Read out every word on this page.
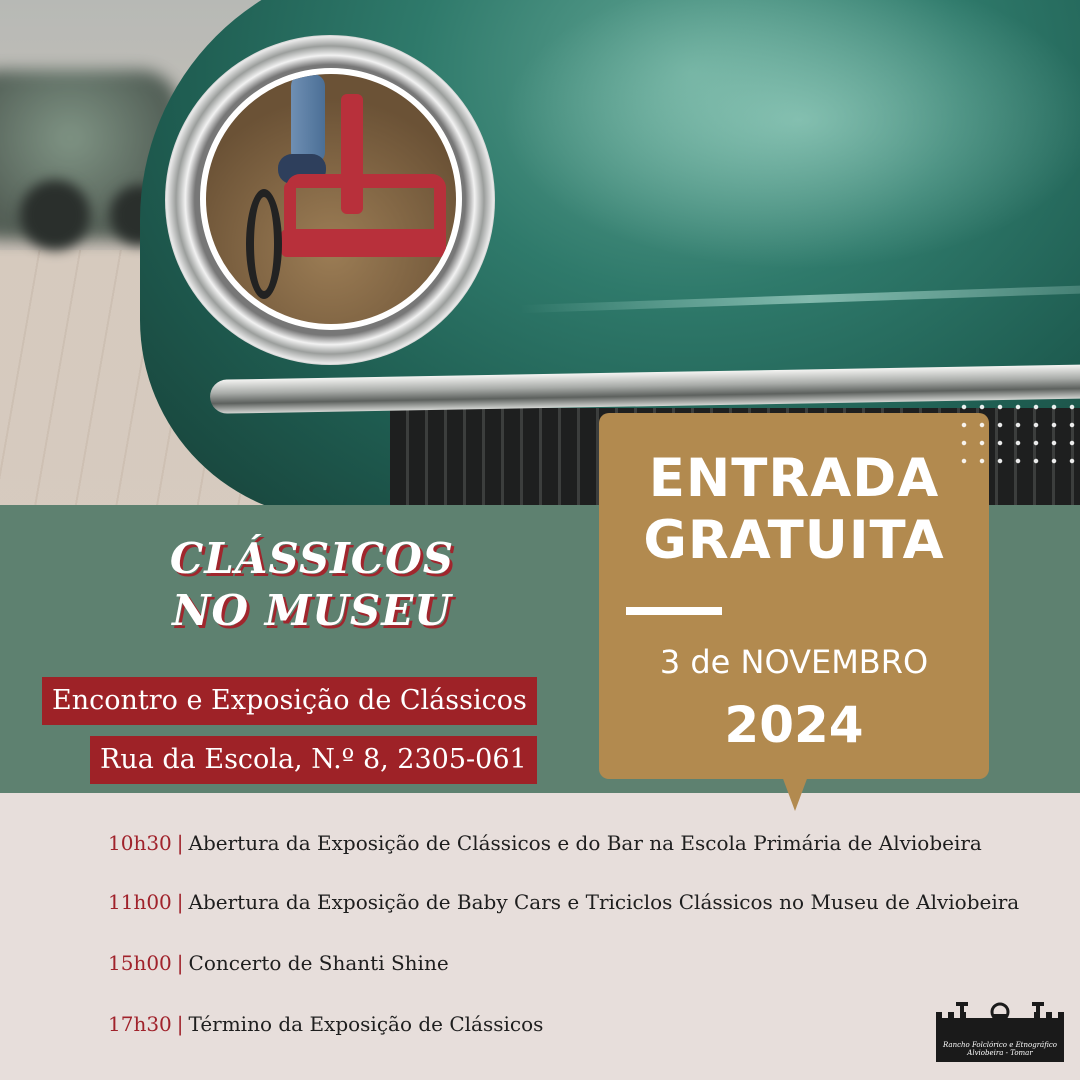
CLÁSSICOS
NO MUSEU
Encontro e Exposição de Clássicos
Rua da Escola, N.º 8, 2305-061
ENTRADA
GRATUITA
3 de NOVEMBRO
2024
10h30 | Abertura da Exposição de Clássicos e do Bar na Escola Primária de Alviobeira
11h00 | Abertura da Exposição de Baby Cars e Triciclos Clássicos no Museu de Alviobeira
15h00 | Concerto de Shanti Shine
17h30 | Término da Exposição de Clássicos
Rancho Folclórico e Etnográfico
Alviobeira - Tomar
